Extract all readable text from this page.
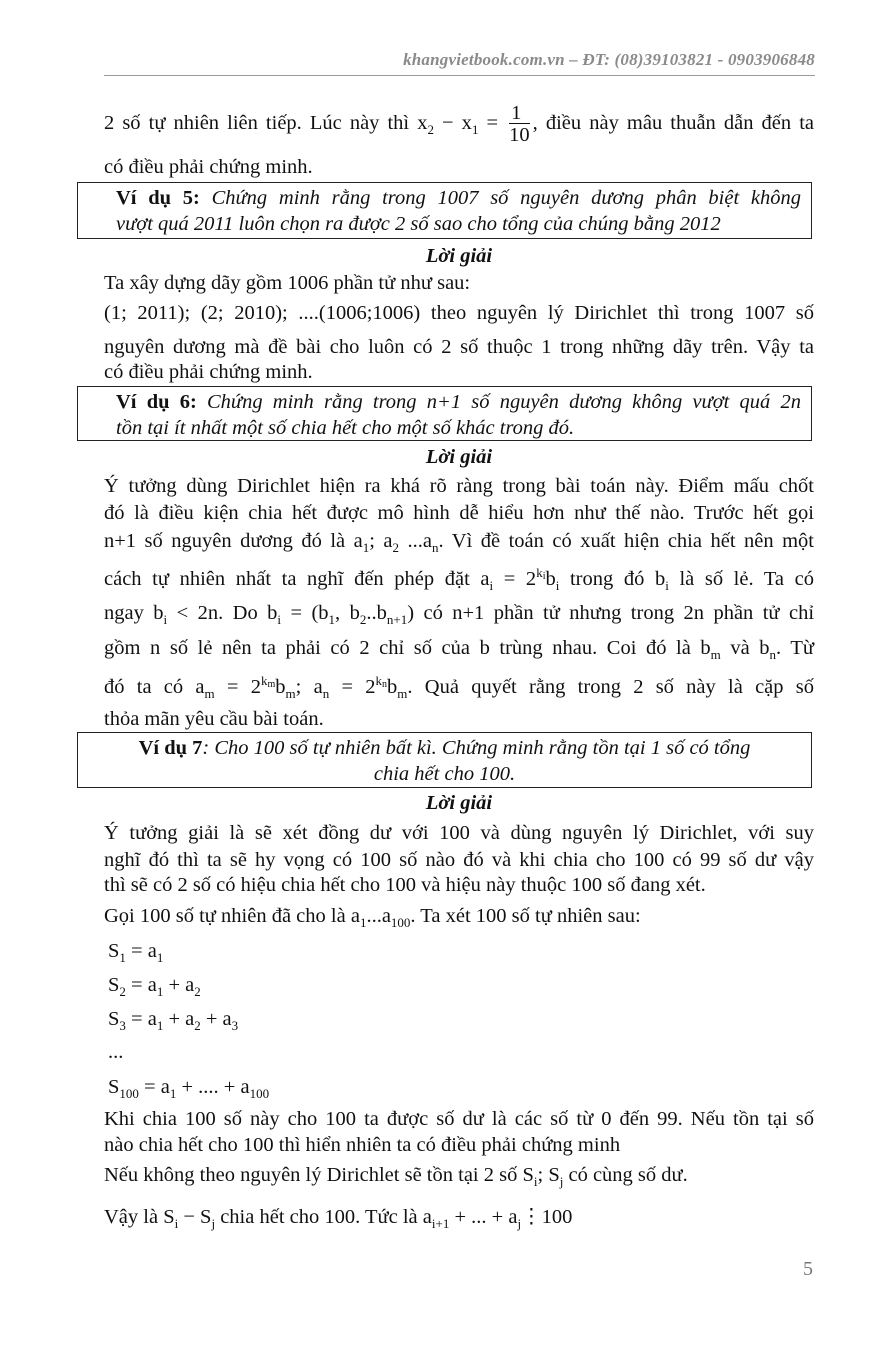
khangvietbook.com.vn – ĐT: (08)39103821 - 0903906848
2 số tự nhiên liên tiếp. Lúc này thì $x_2 - x_1 = \frac{1}{10}$ , điều này mâu thuẫn dẫn đến ta
có điều phải chứng minh.
Ví dụ 5: Chứng minh rằng trong 1007 số nguyên dương phân biệt không
vượt quá 2011 luôn chọn ra được 2 số sao cho tổng của chúng bằng 2012
Lời giải
Ta xây dựng dãy gồm 1006 phần tử như sau:
(1; 2011); (2; 2010); ....(1006;1006) theo nguyên lý Dirichlet thì trong 1007 số
nguyên dương mà đề bài cho luôn có 2 số thuộc 1 trong những dãy trên. Vậy ta
có điều phải chứng minh.
Ví dụ 6: Chứng minh rằng trong n+1 số nguyên dương không vượt quá 2n
tồn tại ít nhất một số chia hết cho một số khác trong đó.
Lời giải
Ý tưởng dùng Dirichlet hiện ra khá rõ ràng trong bài toán này. Điểm mấu chốt
đó là điều kiện chia hết được mô hình dễ hiểu hơn như thế nào. Trước hết gọi
n+1 số nguyên dương đó là $a_1$; $a_2$ $...a_n$. Vì đề toán có xuất hiện chia hết nên một
cách tự nhiên nhất ta nghĩ đến phép đặt $a_i = 2^{k_i}b_i$ trong đó $b_i$ là số lẻ. Ta có
ngay $b_i < 2n$. Do $b_i = (b_1$, $b_2..b_{n+1}$) có n+1 phần tử nhưng trong 2n phần tử chỉ
gồm n số lẻ nên ta phải có 2 chỉ số của b trùng nhau. Coi đó là $b_m$ và $b_n$. Từ
đó ta có $a_m = 2^{k_m}b_m$; $a_n = 2^{k_n}b_m$. Quả quyết rằng trong 2 số này là cặp số
thỏa mãn yêu cầu bài toán.
Ví dụ 7: Cho 100 số tự nhiên bất kì. Chứng minh rằng tồn tại 1 số có tổng
chia hết cho 100.
Lời giải
Ý tưởng giải là sẽ xét đồng dư với 100 và dùng nguyên lý Dirichlet, với suy
nghĩ đó thì ta sẽ hy vọng có 100 số nào đó và khi chia cho 100 có 99 số dư vậy
thì sẽ có 2 số có hiệu chia hết cho 100 và hiệu này thuộc 100 số đang xét.
Gọi 100 số tự nhiên đã cho là $a_1...a_{100}$. Ta xét 100 số tự nhiên sau:
$S_1 = a_1$
$S_2 = a_1 + a_2$
$S_3 = a_1 + a_2 + a_3$
...
$S_{100} = a_1$ + .... + $a_{100}$
Khi chia 100 số này cho 100 ta được số dư là các số từ 0 đến 99. Nếu tồn tại số
nào chia hết cho 100 thì hiển nhiên ta có điều phải chứng minh
Nếu không theo nguyên lý Dirichlet sẽ tồn tại 2 số $S_i$; $S_j$ có cùng số dư.
Vậy là $S_i - S_j$ chia hết cho 100. Tức là $a_{i+1}$ + ... + $a_j⋮100$
5
